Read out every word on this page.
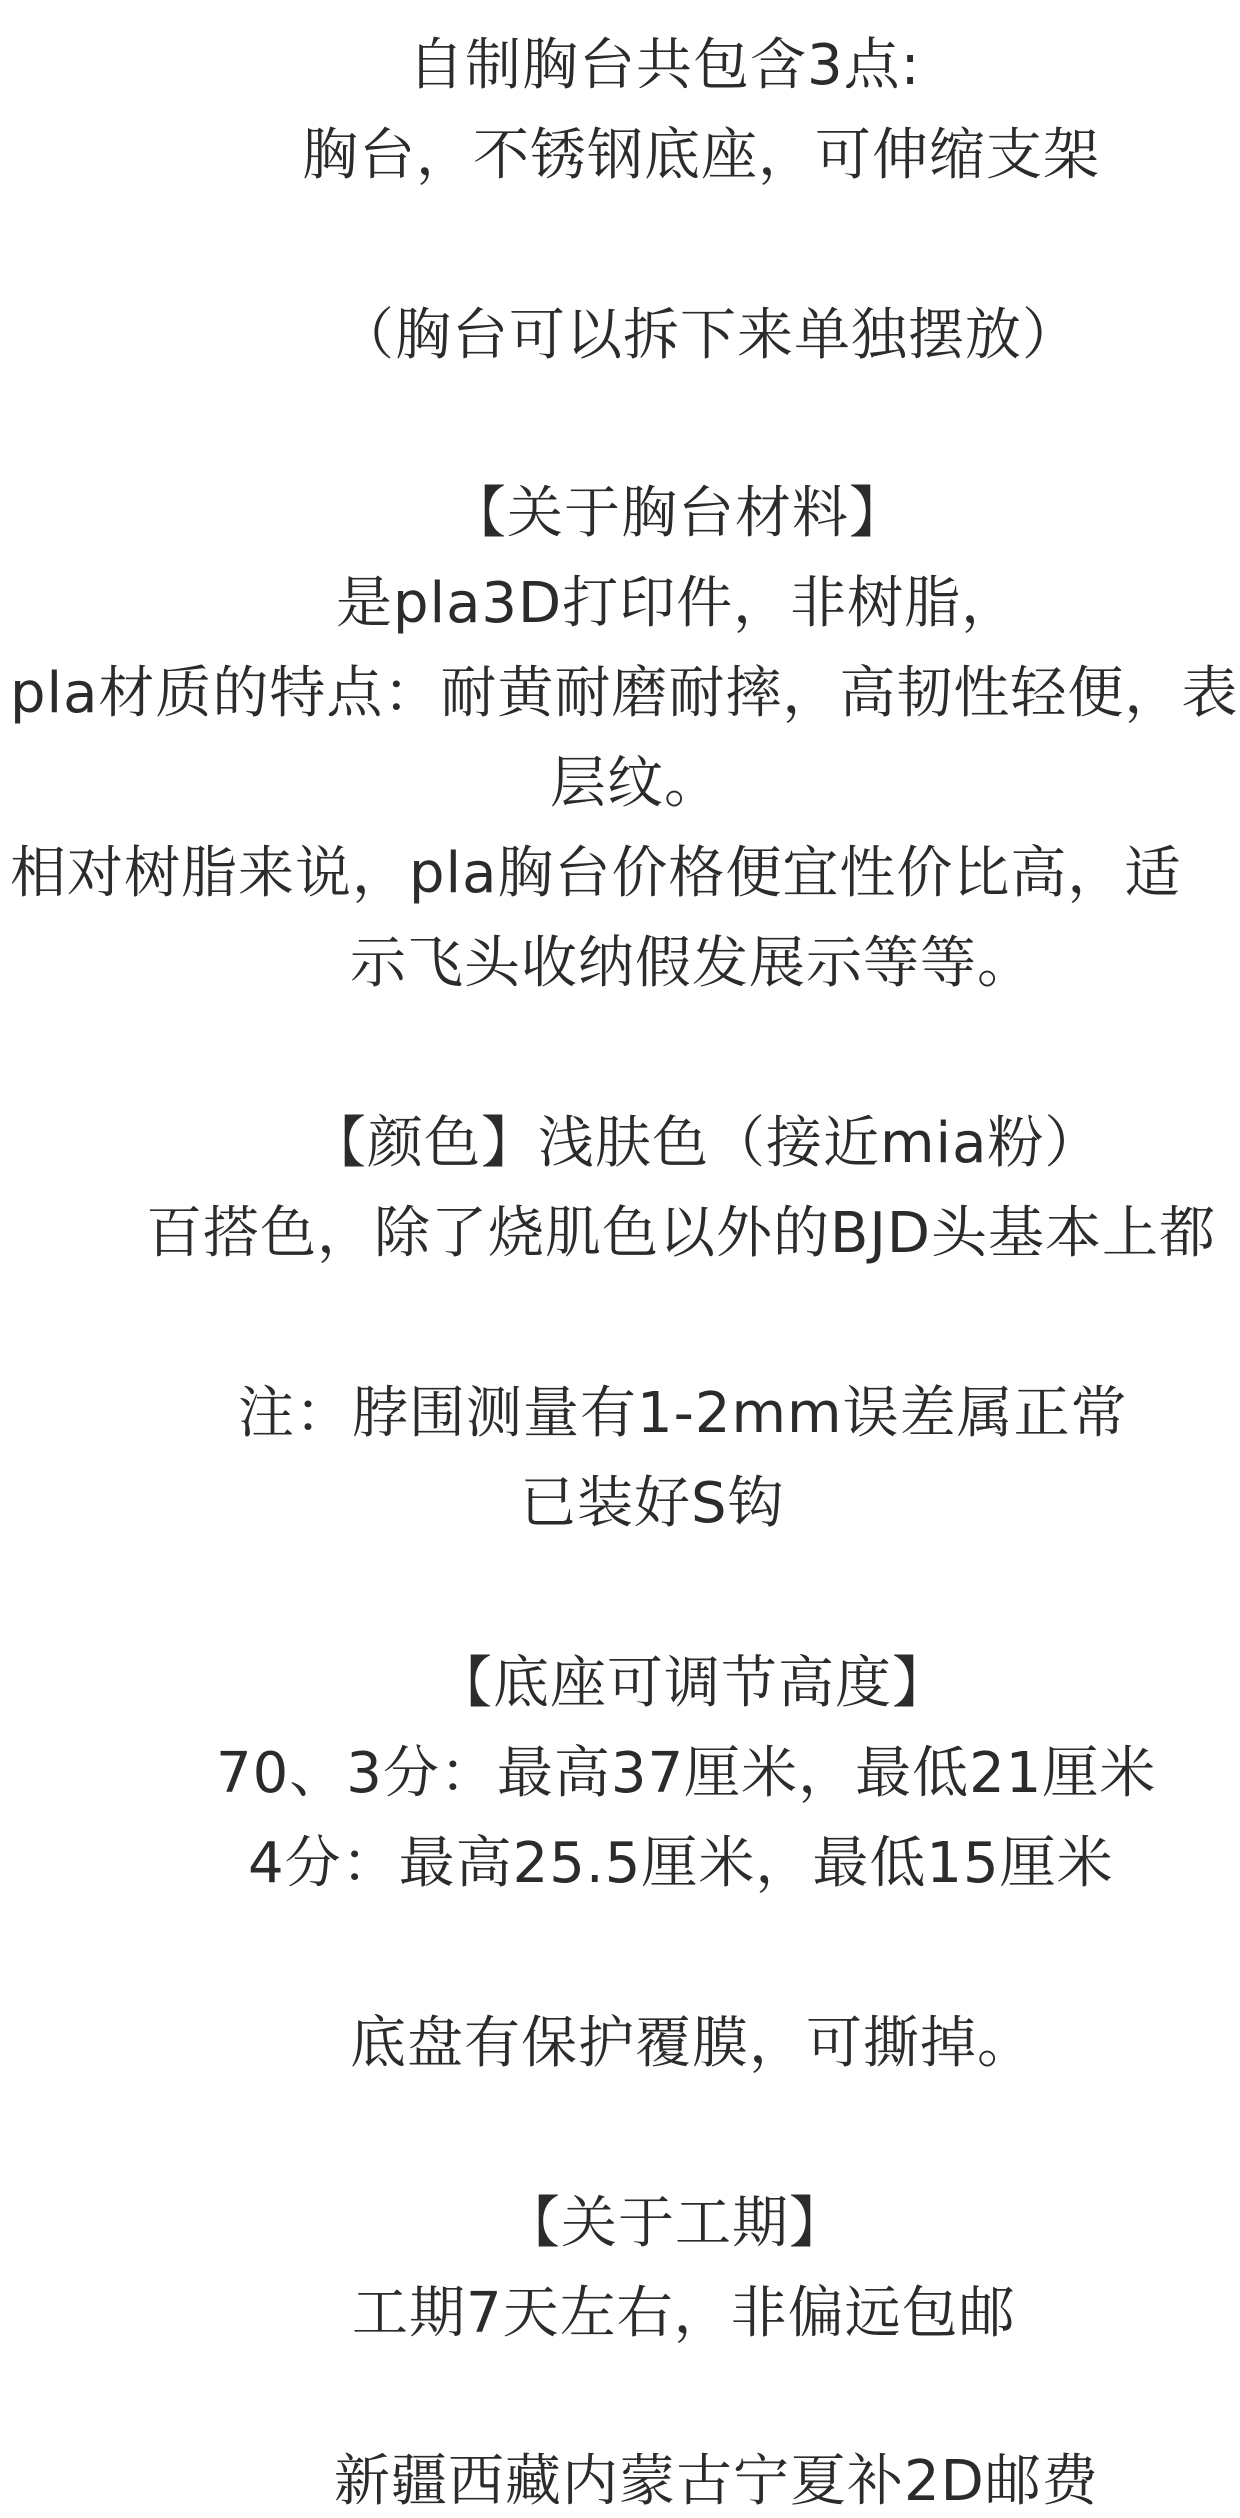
自制胸台共包含3点:
胸台，不锈钢底座，可伸缩支架
（胸台可以拆下来单独摆放）
【关于胸台材料】
是pla3D打印件，非树脂，
pla材质的特点：耐黄耐磨耐摔，高韧性轻便，表
层纹。
相对树脂来说，pla胸台价格便宜性价比高，适
示飞头收纳假发展示等等。
【颜色】浅肤色（接近mia粉）
百搭色，除了烧肌色以外的BJD头基本上都
注：脖围测量有1-2mm误差属正常
已装好S钩
【底座可调节高度】
70、3分：最高37厘米，最低21厘米
4分：最高25.5厘米，最低15厘米
底盘有保护覆膜，可撕掉。
【关于工期】
工期7天左右，非偏远包邮
新疆西藏内蒙古宁夏补2D邮费
